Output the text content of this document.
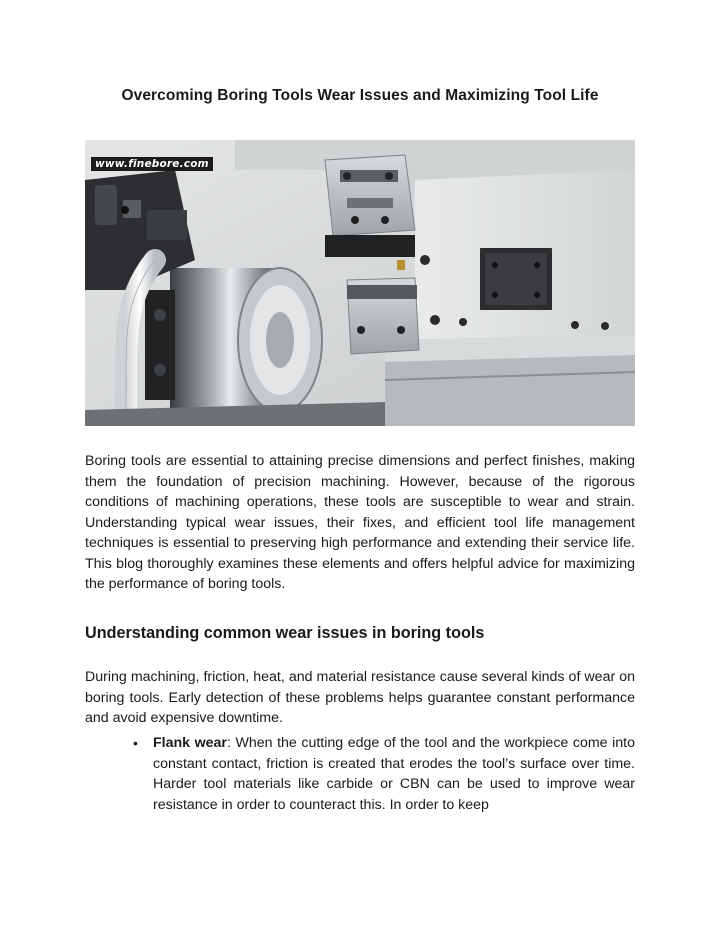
Overcoming Boring Tools Wear Issues and Maximizing Tool Life
www.finebore.com

Boring tools are essential to attaining precise dimensions and perfect finishes, making them the foundation of precision machining. However, because of the rigorous conditions of machining operations, these tools are susceptible to wear and strain. Understanding typical wear issues, their fixes, and efficient tool life management techniques is essential to preserving high performance and extending their service life. This blog thoroughly examines these elements and offers helpful advice for maximizing the performance of boring tools.

Understanding common wear issues in boring tools

During machining, friction, heat, and material resistance cause several kinds of wear on boring tools. Early detection of these problems helps guarantee constant performance and avoid expensive downtime.

• Flank wear: When the cutting edge of the tool and the workpiece come into constant contact, friction is created that erodes the tool’s surface over time. Harder tool materials like carbide or CBN can be used to improve wear resistance in order to counteract this. In order to keep
